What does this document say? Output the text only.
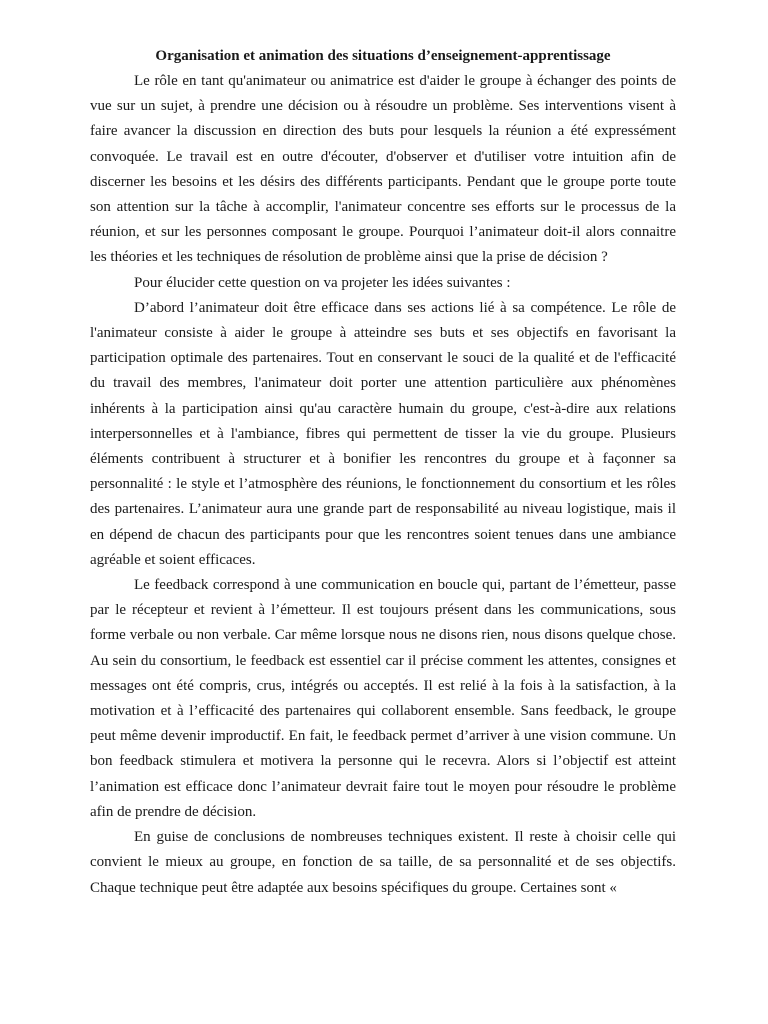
Organisation et animation des situations d’enseignement-apprentissage

Le rôle en tant qu'animateur ou animatrice est d'aider le groupe à échanger des points de vue sur un sujet, à prendre une décision ou à résoudre un problème. Ses interventions visent à faire avancer la discussion en direction des buts pour lesquels la réunion a été expressément convoquée. Le travail est en outre d'écouter, d'observer et d'utiliser votre intuition afin de discerner les besoins et les désirs des différents participants. Pendant que le groupe porte toute son attention sur la tâche à accomplir, l'animateur concentre ses efforts sur le processus de la réunion, et sur les personnes composant le groupe. Pourquoi l’animateur doit-il alors connaitre les théories et les techniques de résolution de problème ainsi que la prise de décision ?

Pour élucider cette question on va projeter les idées suivantes :

D’abord l’animateur doit être efficace dans ses actions lié à sa compétence. Le rôle de l'animateur consiste à aider le groupe à atteindre ses buts et ses objectifs en favorisant la participation optimale des partenaires. Tout en conservant le souci de la qualité et de l'efficacité du travail des membres, l'animateur doit porter une attention particulière aux phénomènes inhérents à la participation ainsi qu'au caractère humain du groupe, c'est-à-dire aux relations interpersonnelles et à l'ambiance, fibres qui permettent de tisser la vie du groupe. Plusieurs éléments contribuent à structurer et à bonifier les rencontres du groupe et à façonner sa personnalité : le style et l’atmosphère des réunions, le fonctionnement du consortium et les rôles des partenaires. L’animateur aura une grande part de responsabilité au niveau logistique, mais il en dépend de chacun des participants pour que les rencontres soient tenues dans une ambiance agréable et soient efficaces.

Le feedback correspond à une communication en boucle qui, partant de l’émetteur, passe par le récepteur et revient à l’émetteur. Il est toujours présent dans les communications, sous forme verbale ou non verbale. Car même lorsque nous ne disons rien, nous disons quelque chose. Au sein du consortium, le feedback est essentiel car il précise comment les attentes, consignes et messages ont été compris, crus, intégrés ou acceptés. Il est relié à la fois à la satisfaction, à la motivation et à l’efficacité des partenaires qui collaborent ensemble. Sans feedback, le groupe peut même devenir improductif. En fait, le feedback permet d’arriver à une vision commune. Un bon feedback stimulera et motivera la personne qui le recevra. Alors si l’objectif est atteint l’animation est efficace donc l’animateur devrait faire tout le moyen pour résoudre le problème afin de prendre de décision.

En guise de conclusions de nombreuses techniques existent. Il reste à choisir celle qui convient le mieux au groupe, en fonction de sa taille, de sa personnalité et de ses objectifs. Chaque technique peut être adaptée aux besoins spécifiques du groupe. Certaines sont «
